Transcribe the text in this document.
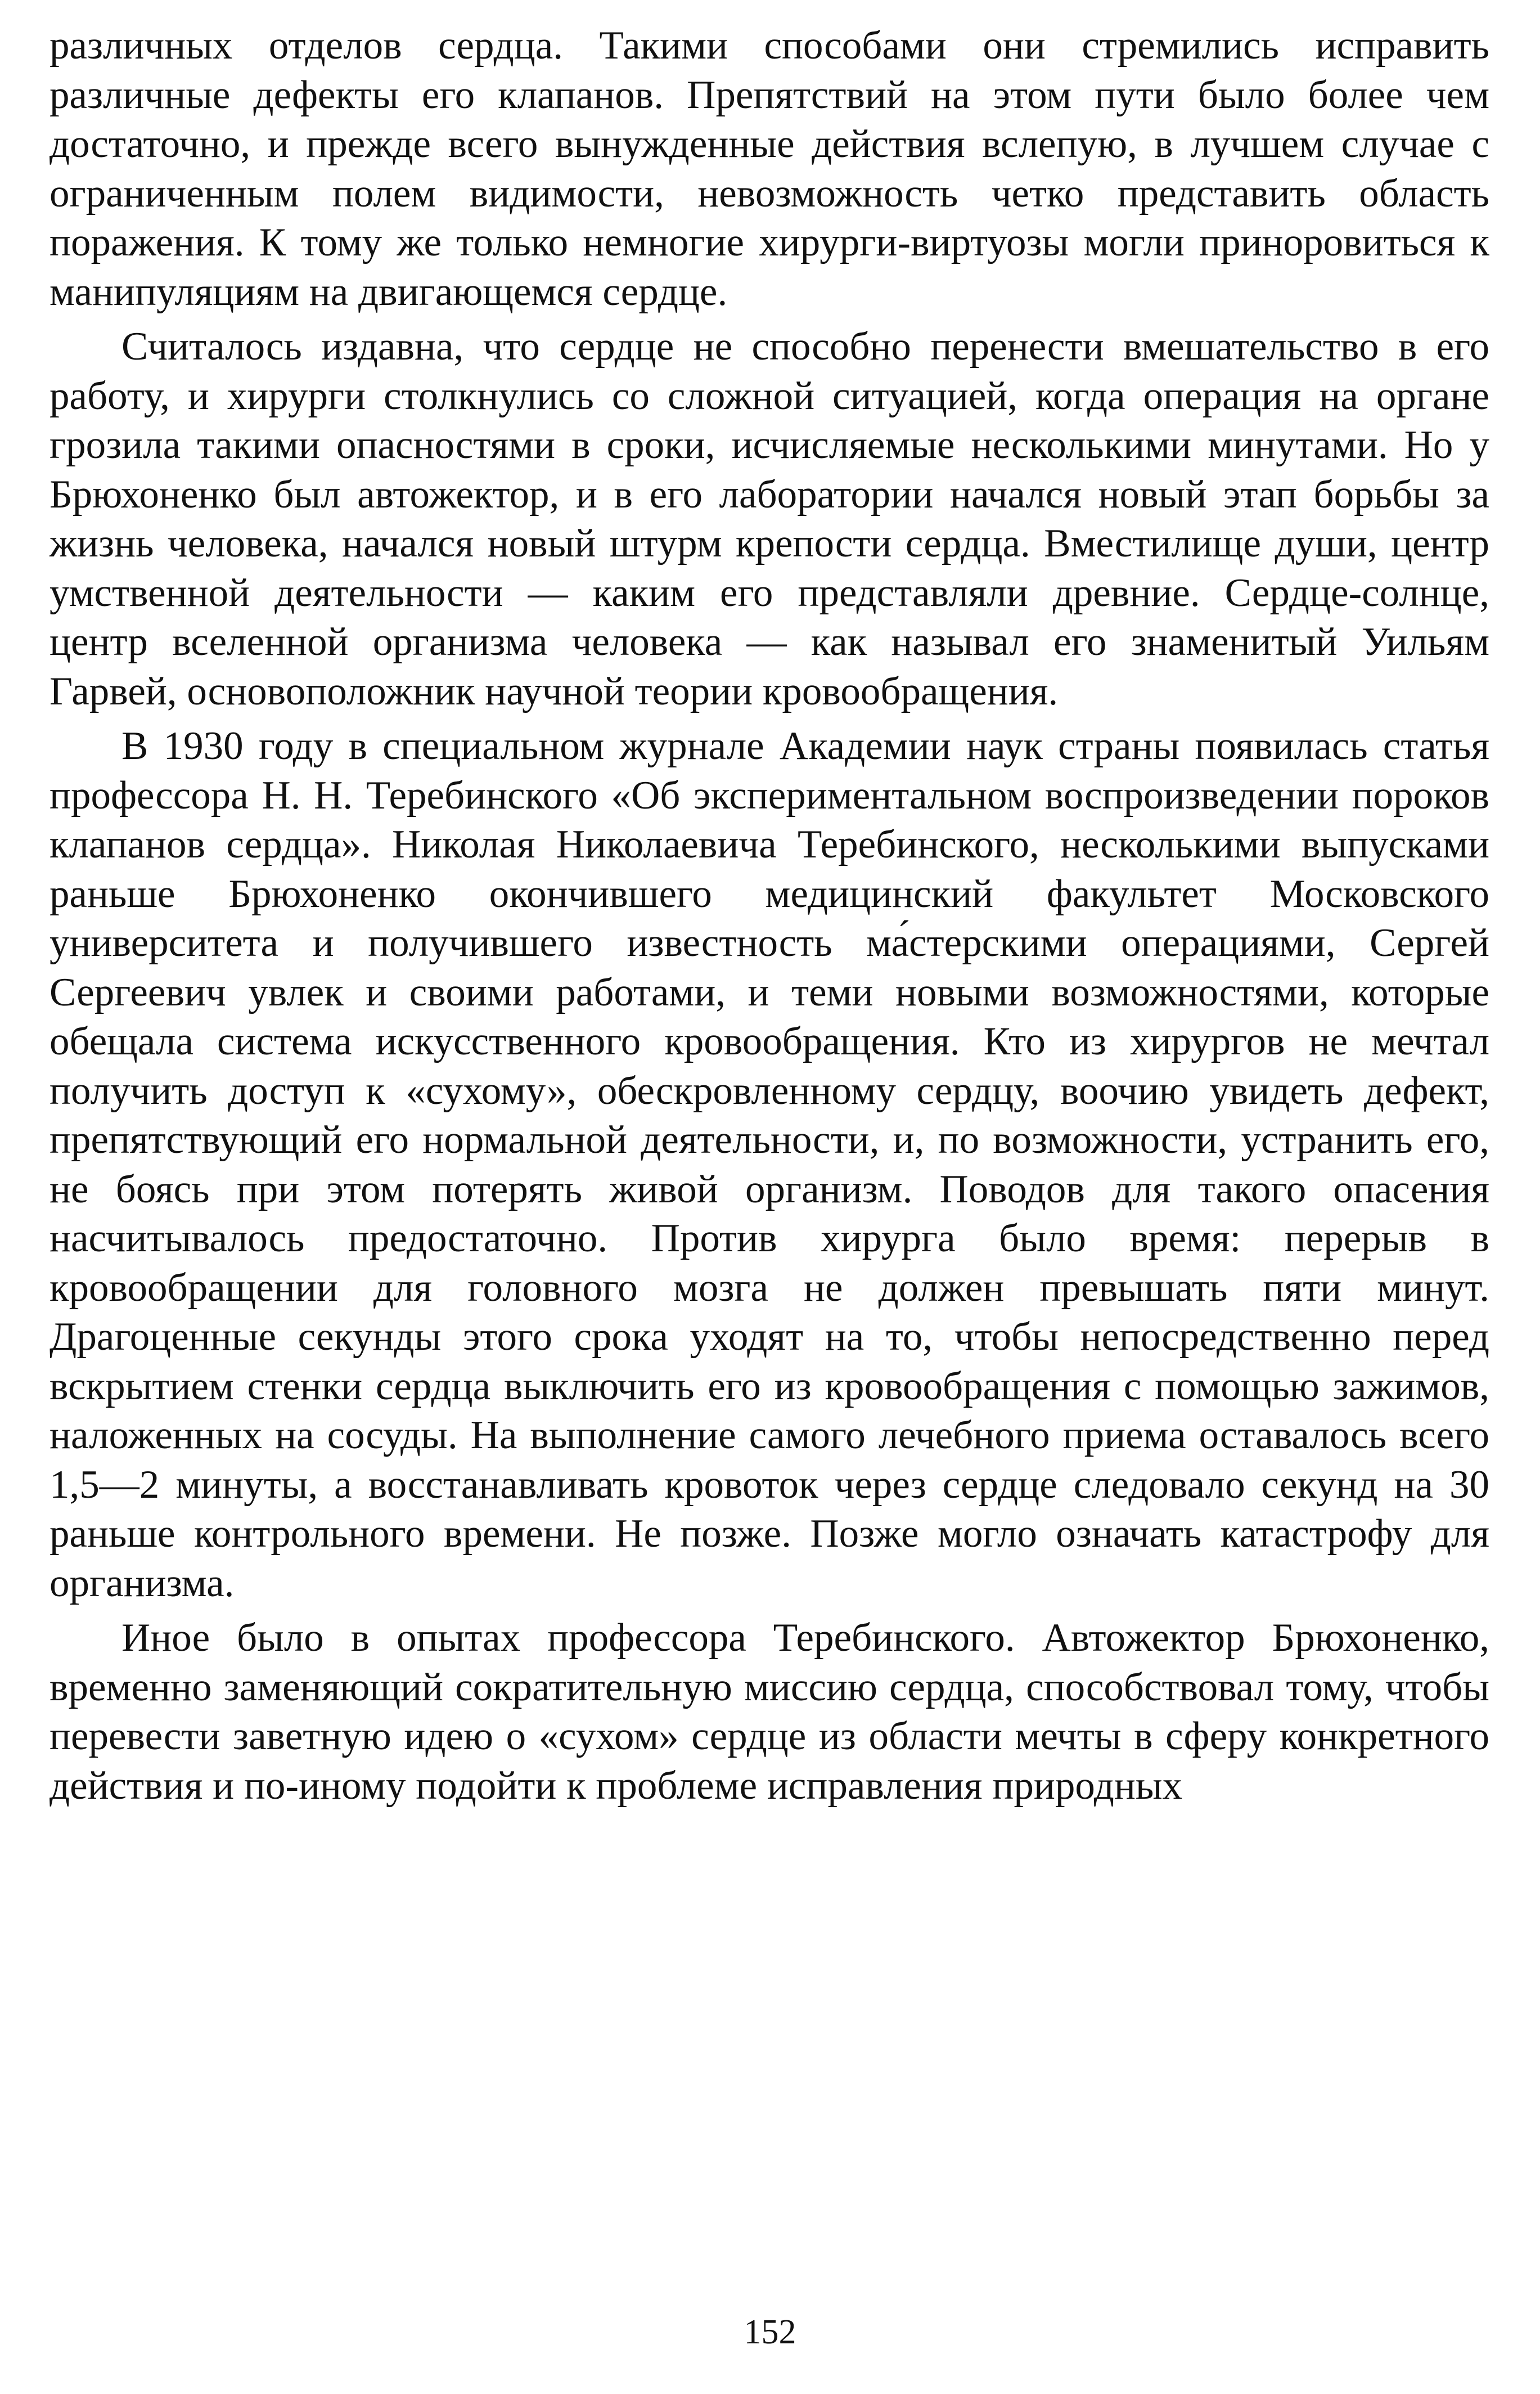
различных отделов сердца. Такими способами они стремились исправить различные дефекты его клапанов. Препятствий на этом пути было более чем достаточно, и прежде всего вынужденные действия вслепую, в лучшем случае с ограниченным полем видимости, невозможность четко представить область поражения. К тому же только немногие хирурги-виртуозы могли приноровиться к манипуляциям на двигающемся сердце.

Считалось издавна, что сердце не способно перенести вмешательство в его работу, и хирурги столкнулись со сложной ситуацией, когда операция на органе грозила такими опасностями в сроки, исчисляемые несколькими минутами. Но у Брюхоненко был автожектор, и в его лаборатории начался новый этап борьбы за жизнь человека, начался новый штурм крепости сердца. Вместилище души, центр умственной деятельности — каким его представляли древние. Сердце-солнце, центр вселенной организма человека — как называл его знаменитый Уильям Гарвей, основоположник научной теории кровообращения.

В 1930 году в специальном журнале Академии наук страны появилась статья профессора Н. Н. Теребинского «Об экспериментальном воспроизведении пороков клапанов сердца». Николая Николаевича Теребинского, несколькими выпусками раньше Брюхоненко окончившего медицинский факультет Московского университета и получившего известность ма́стерскими операциями, Сергей Сергеевич увлек и своими работами, и теми новыми возможностями, которые обещала система искусственного кровообращения. Кто из хирургов не мечтал получить доступ к «сухому», обескровленному сердцу, воочию увидеть дефект, препятствующий его нормальной деятельности, и, по возможности, устранить его, не боясь при этом потерять живой организм. Поводов для такого опасения насчитывалось предостаточно. Против хирурга было время: перерыв в кровообращении для головного мозга не должен превышать пяти минут. Драгоценные секунды этого срока уходят на то, чтобы непосредственно перед вскрытием стенки сердца выключить его из кровообращения с помощью зажимов, наложенных на сосуды. На выполнение самого лечебного приема оставалось всего 1,5—2 минуты, а восстанавливать кровоток через сердце следовало секунд на 30 раньше контрольного времени. Не позже. Позже могло означать катастрофу для организма.

Иное было в опытах профессора Теребинского. Автожектор Брюхоненко, временно заменяющий сократительную миссию сердца, способствовал тому, чтобы перевести заветную идею о «сухом» сердце из области мечты в сферу конкретного действия и по-иному подойти к проблеме исправления природных

152
